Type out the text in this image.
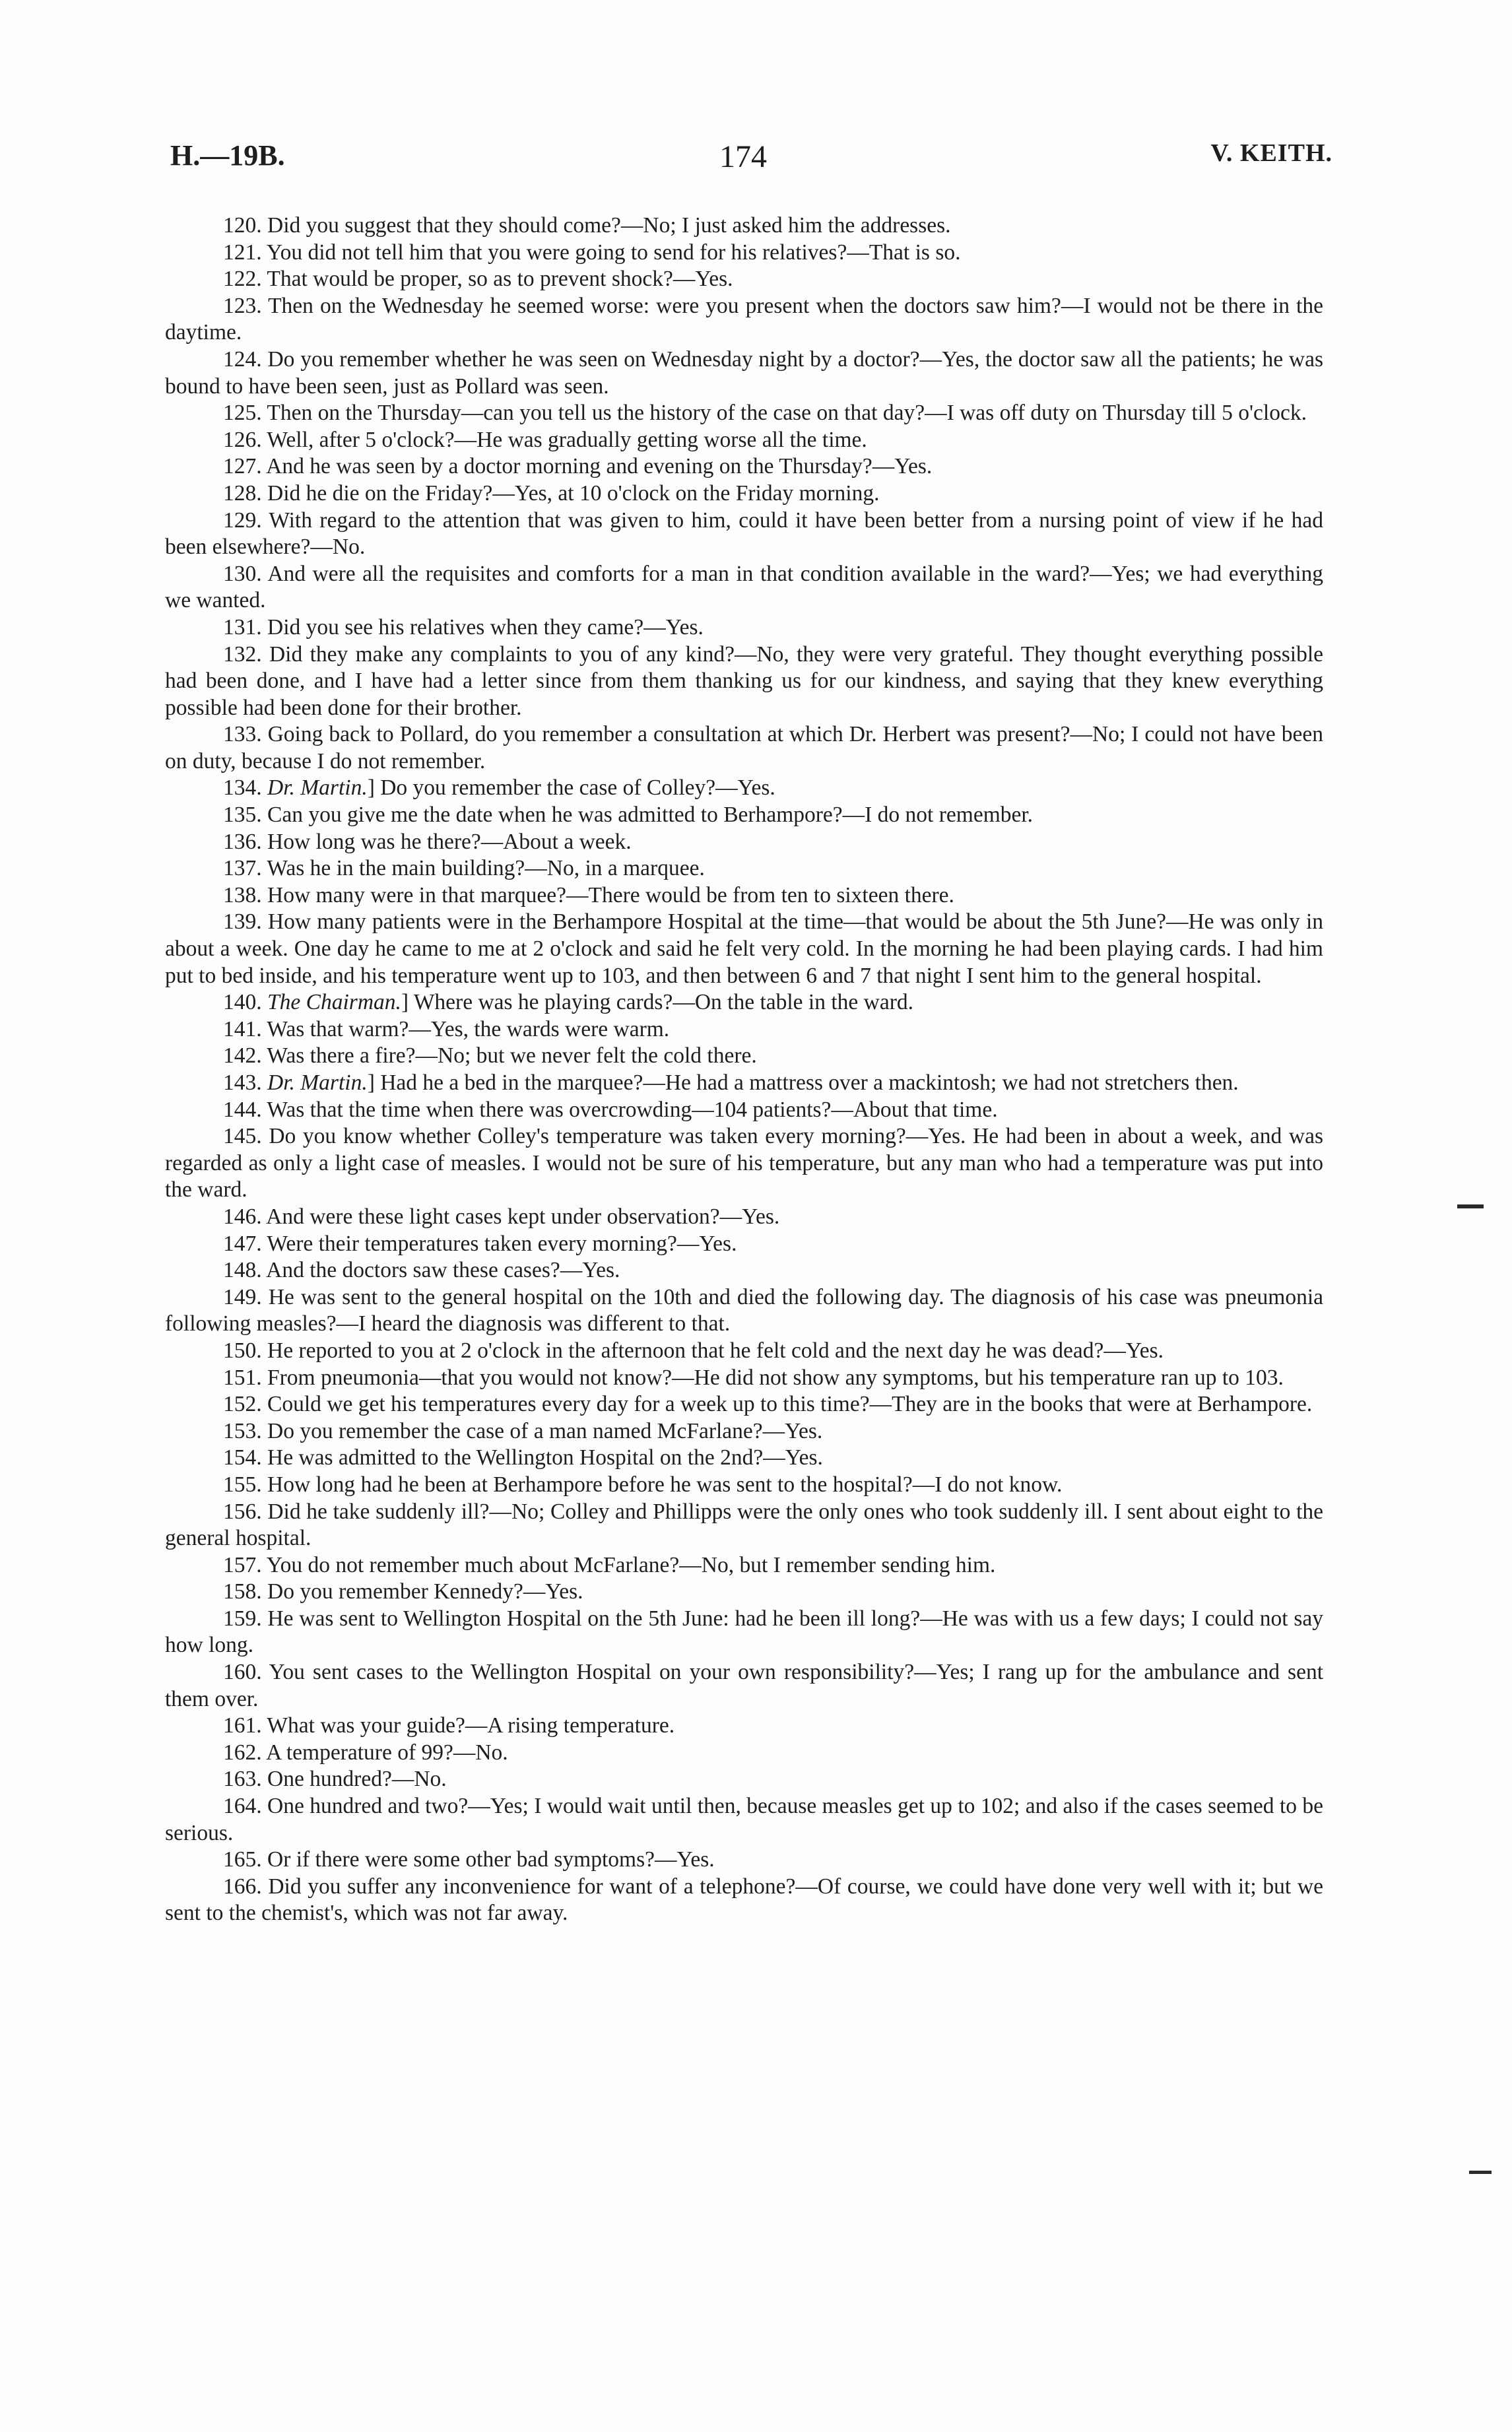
H.—19B.	174	V. KEITH.

120. Did you suggest that they should come?—No; I just asked him the addresses.

121. You did not tell him that you were going to send for his relatives?—That is so.

122. That would be proper, so as to prevent shock?—Yes.

123. Then on the Wednesday he seemed worse: were you present when the doctors saw him?—I would not be there in the daytime.

124. Do you remember whether he was seen on Wednesday night by a doctor?—Yes, the doctor saw all the patients; he was bound to have been seen, just as Pollard was seen.

125. Then on the Thursday—can you tell us the history of the case on that day?—I was off duty on Thursday till 5 o'clock.

126. Well, after 5 o'clock?—He was gradually getting worse all the time.

127. And he was seen by a doctor morning and evening on the Thursday?—Yes.

128. Did he die on the Friday?—Yes, at 10 o'clock on the Friday morning.

129. With regard to the attention that was given to him, could it have been better from a nursing point of view if he had been elsewhere?—No.

130. And were all the requisites and comforts for a man in that condition available in the ward?—Yes; we had everything we wanted.

131. Did you see his relatives when they came?—Yes.

132. Did they make any complaints to you of any kind?—No, they were very grateful. They thought everything possible had been done, and I have had a letter since from them thanking us for our kindness, and saying that they knew everything possible had been done for their brother.

133. Going back to Pollard, do you remember a consultation at which Dr. Herbert was present?—No; I could not have been on duty, because I do not remember.

134. Dr. Martin.] Do you remember the case of Colley?—Yes.

135. Can you give me the date when he was admitted to Berhampore?—I do not remember.

136. How long was he there?—About a week.

137. Was he in the main building?—No, in a marquee.

138. How many were in that marquee?—There would be from ten to sixteen there.

139. How many patients were in the Berhampore Hospital at the time—that would be about the 5th June?—He was only in about a week. One day he came to me at 2 o'clock and said he felt very cold. In the morning he had been playing cards. I had him put to bed inside, and his temperature went up to 103, and then between 6 and 7 that night I sent him to the general hospital.

140. The Chairman.] Where was he playing cards?—On the table in the ward.

141. Was that warm?—Yes, the wards were warm.

142. Was there a fire?—No; but we never felt the cold there.

143. Dr. Martin.] Had he a bed in the marquee?—He had a mattress over a mackintosh; we had not stretchers then.

144. Was that the time when there was overcrowding—104 patients?—About that time.

145. Do you know whether Colley's temperature was taken every morning?—Yes. He had been in about a week, and was regarded as only a light case of measles. I would not be sure of his temperature, but any man who had a temperature was put into the ward.

146. And were these light cases kept under observation?—Yes.

147. Were their temperatures taken every morning?—Yes.

148. And the doctors saw these cases?—Yes.

149. He was sent to the general hospital on the 10th and died the following day. The diagnosis of his case was pneumonia following measles?—I heard the diagnosis was different to that.

150. He reported to you at 2 o'clock in the afternoon that he felt cold and the next day he was dead?—Yes.

151. From pneumonia—that you would not know?—He did not show any symptoms, but his temperature ran up to 103.

152. Could we get his temperatures every day for a week up to this time?—They are in the books that were at Berhampore.

153. Do you remember the case of a man named McFarlane?—Yes.

154. He was admitted to the Wellington Hospital on the 2nd?—Yes.

155. How long had he been at Berhampore before he was sent to the hospital?—I do not know.

156. Did he take suddenly ill?—No; Colley and Phillipps were the only ones who took suddenly ill. I sent about eight to the general hospital.

157. You do not remember much about McFarlane?—No, but I remember sending him.

158. Do you remember Kennedy?—Yes.

159. He was sent to Wellington Hospital on the 5th June: had he been ill long?—He was with us a few days; I could not say how long.

160. You sent cases to the Wellington Hospital on your own responsibility?—Yes; I rang up for the ambulance and sent them over.

161. What was your guide?—A rising temperature.

162. A temperature of 99?—No.

163. One hundred?—No.

164. One hundred and two?—Yes; I would wait until then, because measles get up to 102; and also if the cases seemed to be serious.

165. Or if there were some other bad symptoms?—Yes.

166. Did you suffer any inconvenience for want of a telephone?—Of course, we could have done very well with it; but we sent to the chemist's, which was not far away.
